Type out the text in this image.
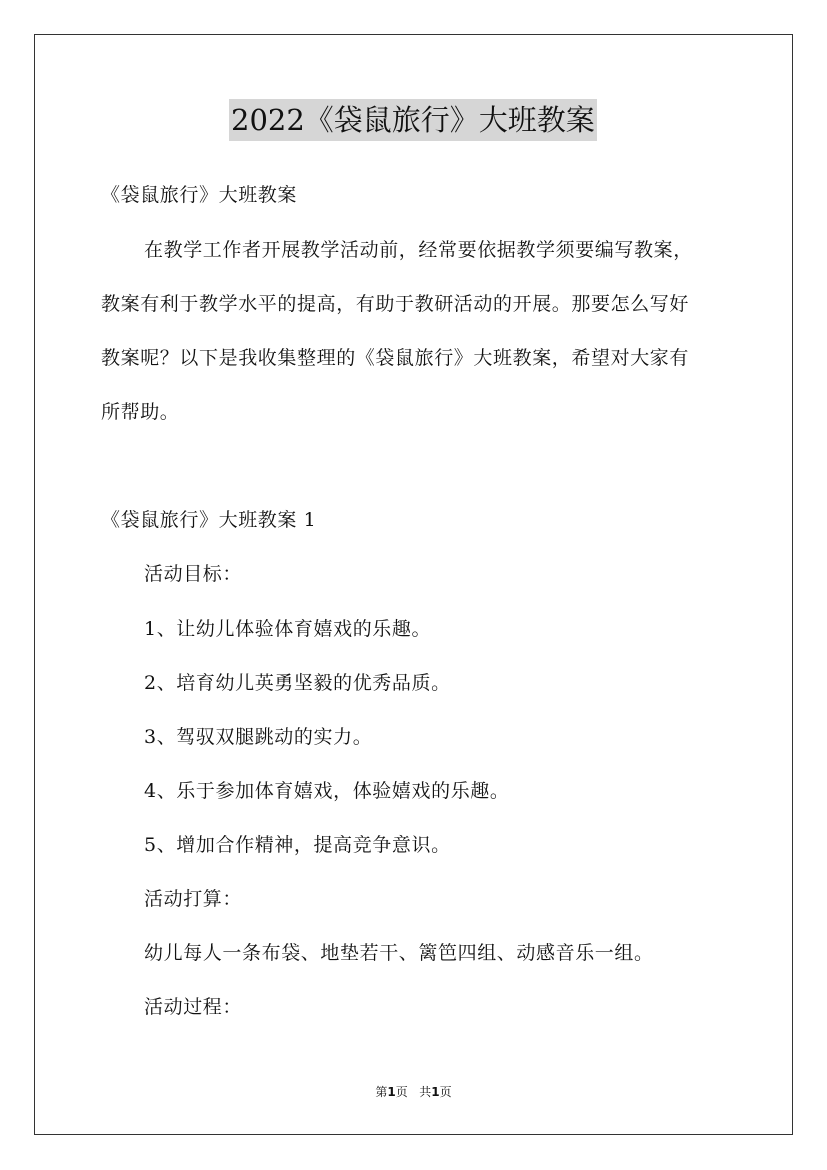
2022《袋鼠旅行》大班教案
《袋鼠旅行》大班教案
在教学工作者开展教学活动前，经常要依据教学须要编写教案，
教案有利于教学水平的提高，有助于教研活动的开展。那要怎么写好
教案呢？以下是我收集整理的《袋鼠旅行》大班教案，希望对大家有
所帮助。
《袋鼠旅行》大班教案 1
活动目标：
1、让幼儿体验体育嬉戏的乐趣。
2、培育幼儿英勇坚毅的优秀品质。
3、驾驭双腿跳动的实力。
4、乐于参加体育嬉戏，体验嬉戏的乐趣。
5、增加合作精神，提高竞争意识。
活动打算：
幼儿每人一条布袋、地垫若干、篱笆四组、动感音乐一组。
活动过程：
第1页   共1页
